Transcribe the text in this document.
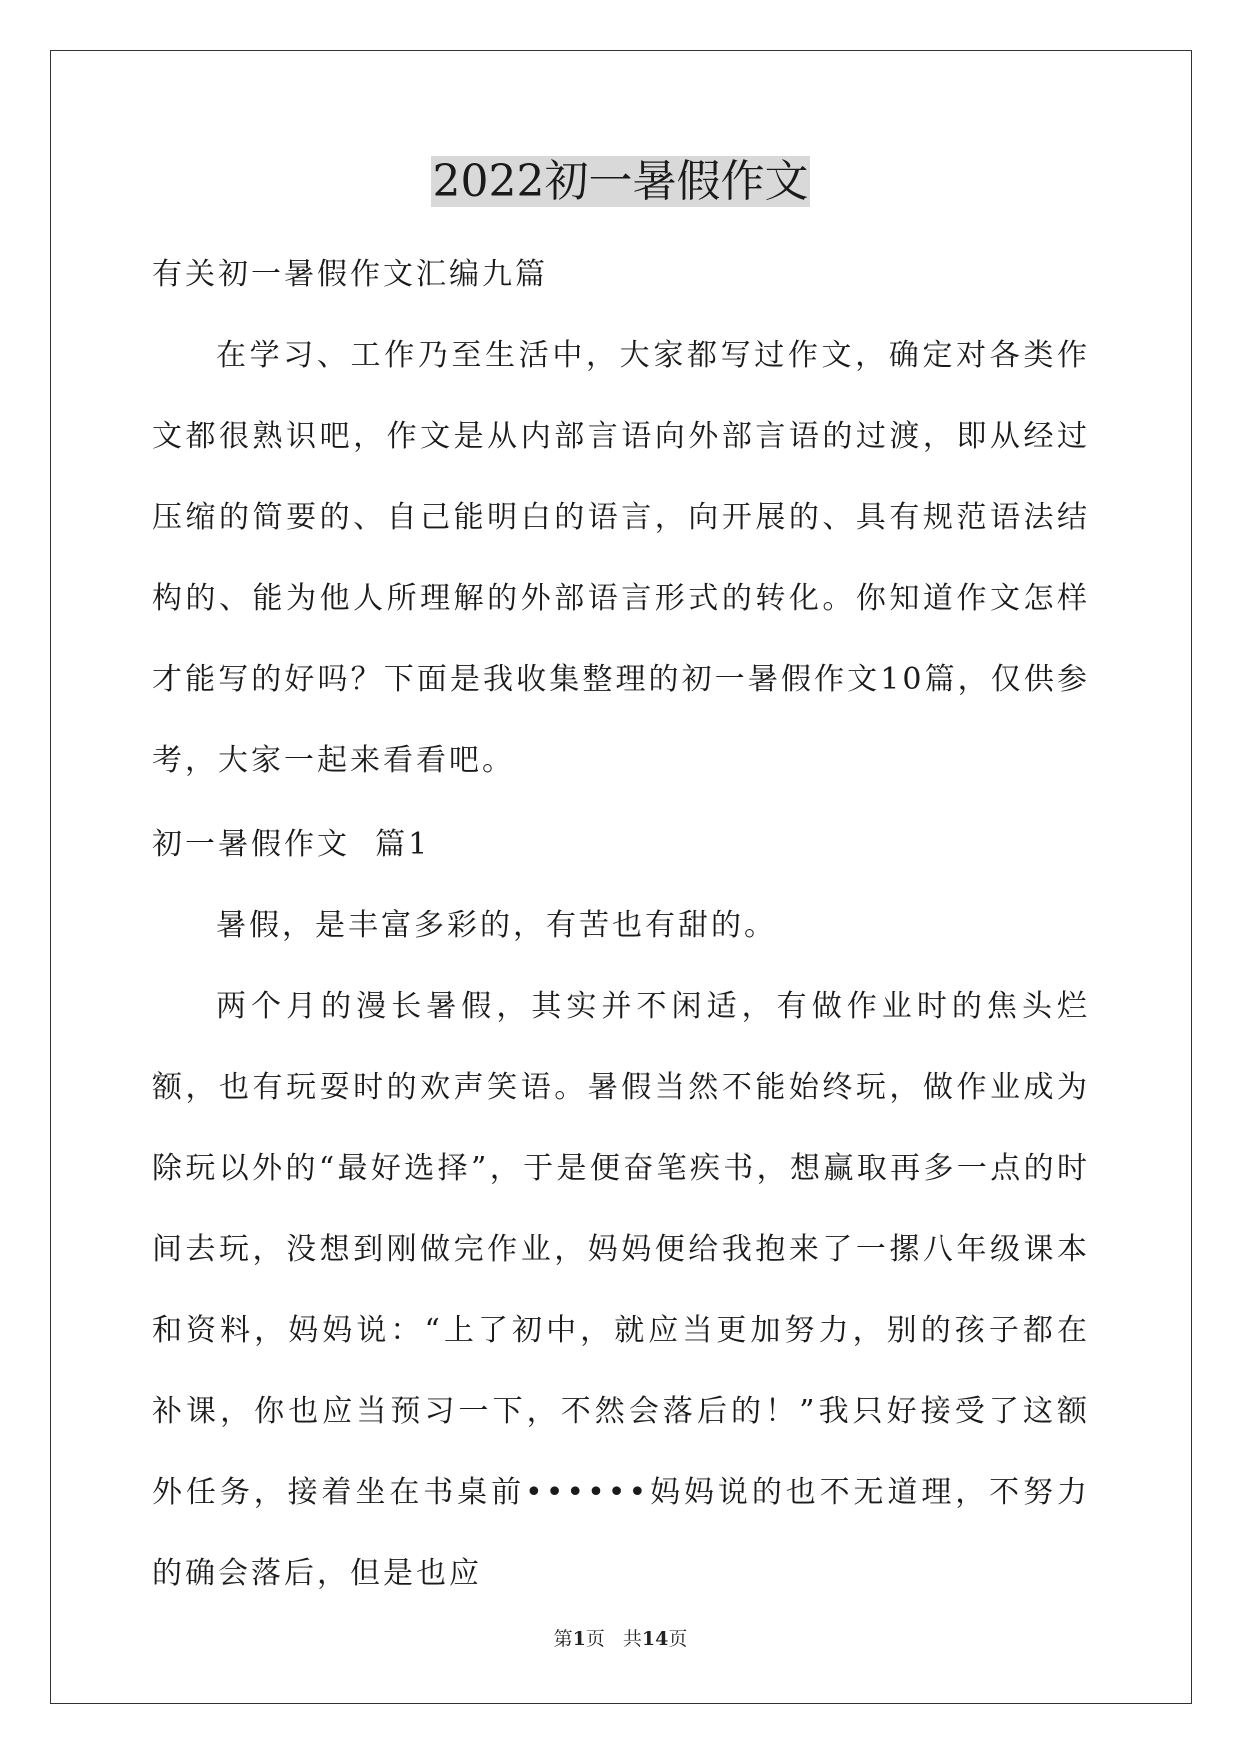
2022初一暑假作文

有关初一暑假作文汇编九篇

在学习、工作乃至生活中，大家都写过作文，确定对各类作文都很熟识吧，作文是从内部言语向外部言语的过渡，即从经过压缩的简要的、自己能明白的语言，向开展的、具有规范语法结构的、能为他人所理解的外部语言形式的转化。你知道作文怎样才能写的好吗？下面是我收集整理的初一暑假作文10篇，仅供参考，大家一起来看看吧。

初一暑假作文  篇1

暑假，是丰富多彩的，有苦也有甜的。

两个月的漫长暑假，其实并不闲适，有做作业时的焦头烂额，也有玩耍时的欢声笑语。暑假当然不能始终玩，做作业成为除玩以外的“最好选择”，于是便奋笔疾书，想赢取再多一点的时间去玩，没想到刚做完作业，妈妈便给我抱来了一摞八年级课本和资料，妈妈说：“上了初中，就应当更加努力，别的孩子都在补课，你也应当预习一下，不然会落后的！”我只好接受了这额外任务，接着坐在书桌前••••••妈妈说的也不无道理，不努力的确会落后，但是也应

第1页 共14页
